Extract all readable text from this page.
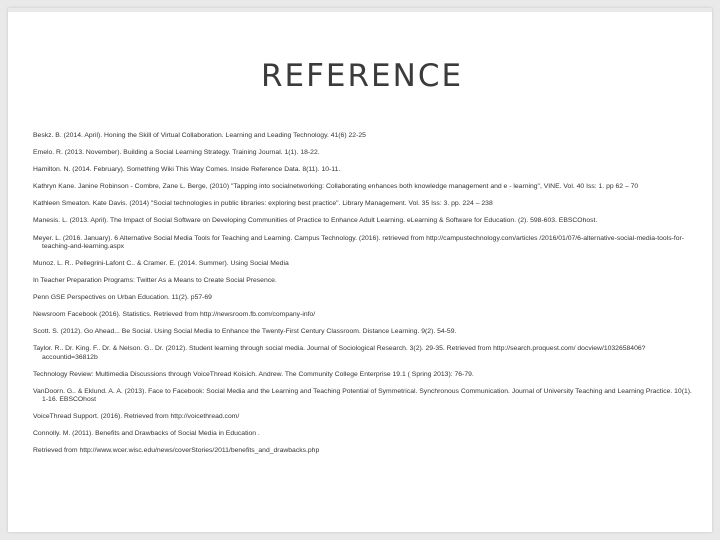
REFERENCE
Beskz. B. (2014. April). Honing the Skill of Virtual Collaboration. Learning and Leading Technology. 41(6) 22-25
Emelo. R. (2013. November). Building a Social Learning Strategy. Training Journal. 1(1). 18-22.
Hamilton. N. (2014. February). Something Wiki This Way Comes. Inside Reference Data. 8(11). 10-11.
Kathryn Kane. Janine Robinson - Combre, Zane L. Berge, (2010) "Tapping into socialnetworking: Collaborating enhances both knowledge management and e - learning", VINE. Vol. 40 Iss: 1. pp 62 – 70
Kathleen Smeaton. Kate Davis. (2014) "Social technologies in public libraries: exploring best practice". Library Management. Vol. 35 Iss: 3. pp. 224 – 238
Manesis. L. (2013. April). The Impact of Social Software on Developing Communities of Practice to Enhance Adult Learning. eLearning & Software for Education. (2). 598-603. EBSCOhost.
Meyer. L. (2016. January). 6 Alternative Social Media Tools for Teaching and Learning. Campus Technology. (2016). retrieved from http://campustechnology.com/articles /2016/01/07/6-alternative-social-media-tools-for-teaching-and-learning.aspx
Munoz. L. R.. Pellegrini-Lafont C.. & Cramer. E. (2014. Summer). Using Social Media
In Teacher Preparation Programs: Twitter As a Means to Create Social Presence.
Penn GSE Perspectives on Urban Education. 11(2). p57-69
Newsroom Facebook (2016). Statistics. Retrieved from http://newsroom.fb.com/company-info/
Scott. S. (2012). Go Ahead... Be Social. Using Social Media to Enhance the Twenty-First Century Classroom. Distance Learning. 9(2). 54-59.
Taylor. R.. Dr. King. F.. Dr. & Nelson. G.. Dr. (2012). Student learning through social media. Journal of Sociological Research. 3(2). 29-35. Retrieved from http://search.proquest.com/ docview/1032658406?accountid=36812b
Technology Review: Multimedia Discussions through VoiceThread Koisich. Andrew. The Community College Enterprise 19.1 ( Spring 2013): 76-79.
VanDoorn. G.. & Eklund. A. A. (2013). Face to Facebook: Social Media and the Learning and Teaching Potential of Symmetrical. Synchronous Communication. Journal of University Teaching and Learning Practice. 10(1). 1-16. EBSCOhost
VoiceThread Support. (2016). Retrieved from http://voicethread.com/
Connolly. M. (2011). Benefits and Drawbacks of Social Media in Education .
Retrieved from http://www.wcer.wisc.edu/news/coverStories/2011/benefits_and_drawbacks.php
